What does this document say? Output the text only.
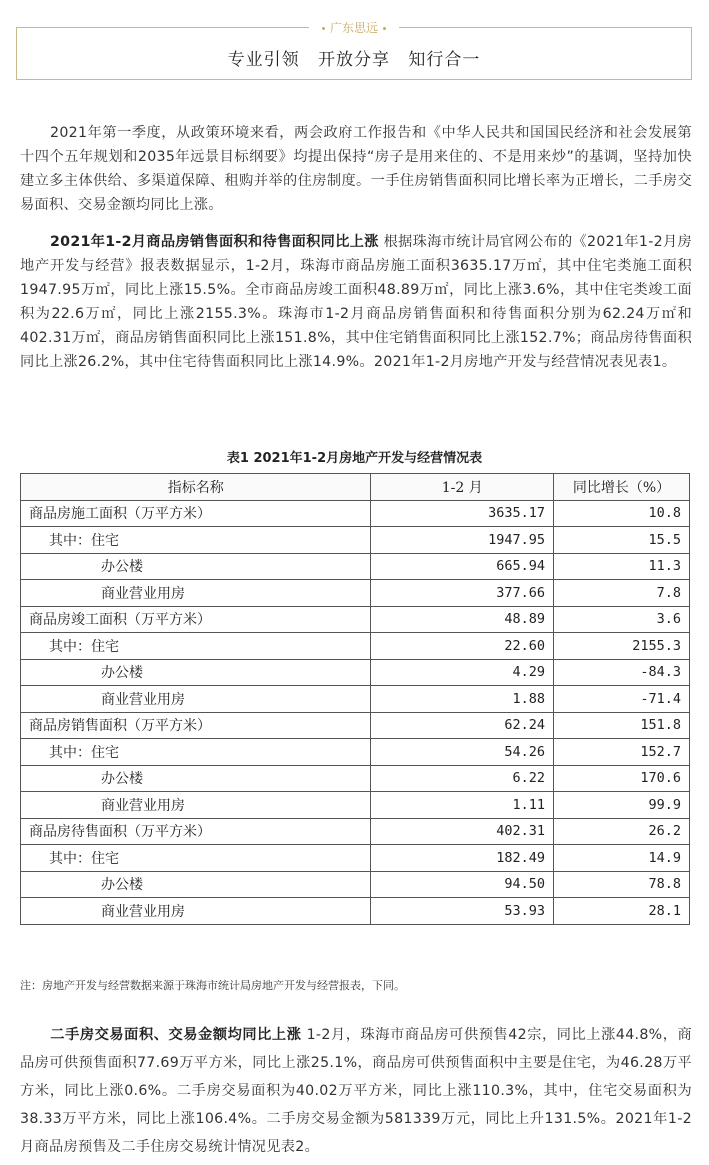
广东思远
专业引领 开放分享 知行合一

2021年第一季度，从政策环境来看，两会政府工作报告和《中华人民共和国国民经济和社会发展第十四个五年规划和2035年远景目标纲要》均提出保持“房子是用来住的、不是用来炒”的基调，坚持加快建立多主体供给、多渠道保障、租购并举的住房制度。一手住房销售面积同比增长率为正增长，二手房交易面积、交易金额均同比上涨。

2021年1-2月商品房销售面积和待售面积同比上涨 根据珠海市统计局官网公布的《2021年1-2月房地产开发与经营》报表数据显示，1-2月，珠海市商品房施工面积3635.17万㎡，其中住宅类施工面积1947.95万㎡，同比上涨15.5%。全市商品房竣工面积48.89万㎡，同比上涨3.6%，其中住宅类竣工面积为22.6万㎡，同比上涨2155.3%。珠海市1-2月商品房销售面积和待售面积分别为62.24万㎡和402.31万㎡，商品房销售面积同比上涨151.8%，其中住宅销售面积同比上涨152.7%；商品房待售面积同比上涨26.2%，其中住宅待售面积同比上涨14.9%。2021年1-2月房地产开发与经营情况表见表1。

表1 2021年1-2月房地产开发与经营情况表
指标名称	1-2 月	同比增长（%）
商品房施工面积（万平方米）	3635.17	10.8
其中：住宅	1947.95	15.5
办公楼	665.94	11.3
商业营业用房	377.66	7.8
商品房竣工面积（万平方米）	48.89	3.6
其中：住宅	22.60	2155.3
办公楼	4.29	-84.3
商业营业用房	1.88	-71.4
商品房销售面积（万平方米）	62.24	151.8
其中：住宅	54.26	152.7
办公楼	6.22	170.6
商业营业用房	1.11	99.9
商品房待售面积（万平方米）	402.31	26.2
其中：住宅	182.49	14.9
办公楼	94.50	78.8
商业营业用房	53.93	28.1
注：房地产开发与经营数据来源于珠海市统计局房地产开发与经营报表，下同。

二手房交易面积、交易金额均同比上涨 1-2月，珠海市商品房可供预售42宗，同比上涨44.8%，商品房可供预售面积77.69万平方米，同比上涨25.1%，商品房可供预售面积中主要是住宅，为46.28万平方米，同比上涨0.6%。二手房交易面积为40.02万平方米，同比上涨110.3%，其中，住宅交易面积为38.33万平方米，同比上涨106.4%。二手房交易金额为581339万元，同比上升131.5%。2021年1-2月商品房预售及二手住房交易统计情况见表2。
